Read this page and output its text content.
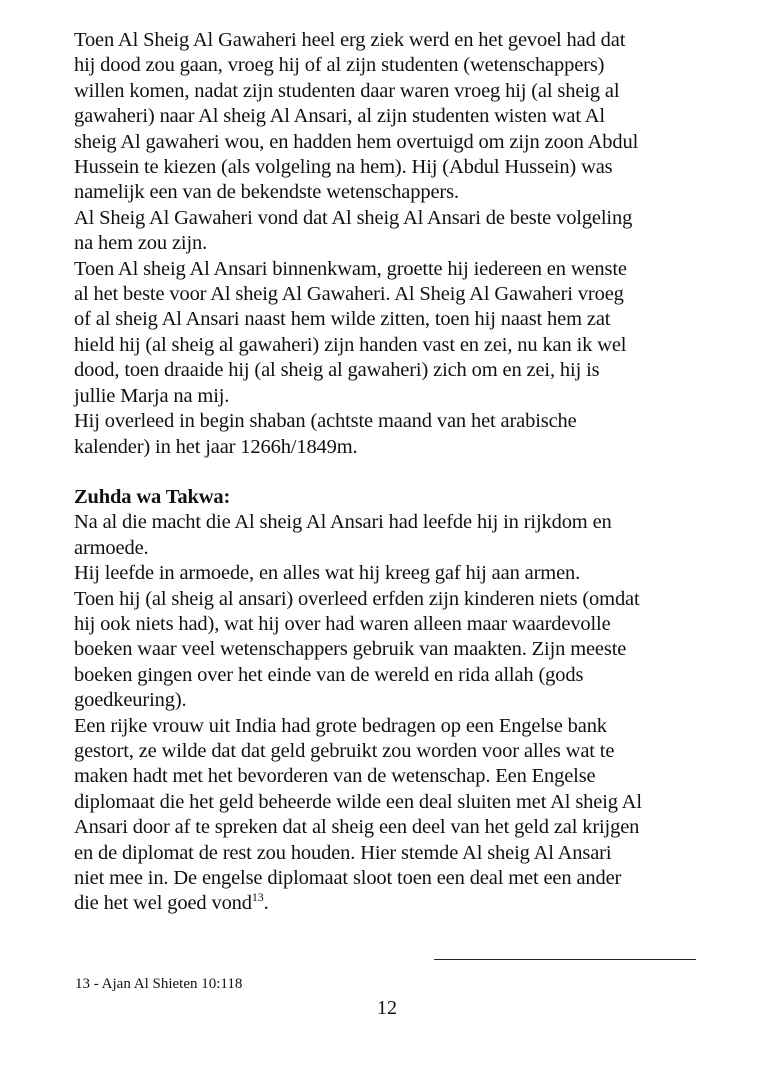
Toen Al Sheig Al Gawaheri heel erg ziek werd en het gevoel had dat
hij dood zou gaan, vroeg hij of al zijn studenten (wetenschappers)
willen komen, nadat zijn studenten daar waren vroeg hij (al sheig al
gawaheri) naar Al sheig Al Ansari, al zijn studenten wisten wat Al
sheig Al gawaheri wou, en hadden hem overtuigd om zijn zoon Abdul
Hussein te kiezen (als volgeling na hem). Hij (Abdul Hussein) was
namelijk een van de bekendste wetenschappers.
Al Sheig Al Gawaheri vond dat Al sheig Al Ansari de beste volgeling
na hem zou zijn.
Toen Al sheig Al Ansari binnenkwam, groette hij iedereen en wenste
al het beste voor Al sheig Al Gawaheri. Al Sheig Al Gawaheri vroeg
of al sheig Al Ansari naast hem wilde zitten, toen hij naast hem zat
hield hij (al sheig al gawaheri) zijn handen vast en zei, nu kan ik wel
dood, toen draaide hij (al sheig al gawaheri) zich om en zei, hij is
jullie Marja na mij.
Hij overleed in begin shaban (achtste maand van het arabische
kalender) in het jaar 1266h/1849m.
Zuhda wa Takwa:
Na al die macht die Al sheig Al Ansari had leefde hij in rijkdom en
armoede.
Hij leefde in armoede, en alles wat hij kreeg gaf hij aan armen.
Toen hij (al sheig al ansari) overleed erfden zijn kinderen niets (omdat
hij ook niets had), wat hij over had waren alleen maar waardevolle
boeken waar veel wetenschappers gebruik van maakten. Zijn meeste
boeken gingen over het einde van de wereld en rida allah (gods
goedkeuring).
Een rijke vrouw uit India had grote bedragen op een Engelse bank
gestort, ze wilde dat dat geld gebruikt zou worden voor alles wat te
maken hadt met het bevorderen van de wetenschap. Een Engelse
diplomaat die het geld beheerde wilde een deal sluiten met Al sheig Al
Ansari door af te spreken dat al sheig een deel van het geld zal krijgen
en de diplomat de rest zou houden. Hier stemde Al sheig Al Ansari
niet mee in. De engelse diplomaat sloot toen een deal met een ander
die het wel goed vond$^{13}$.
13 - Ajan Al Shieten 10:118
12
